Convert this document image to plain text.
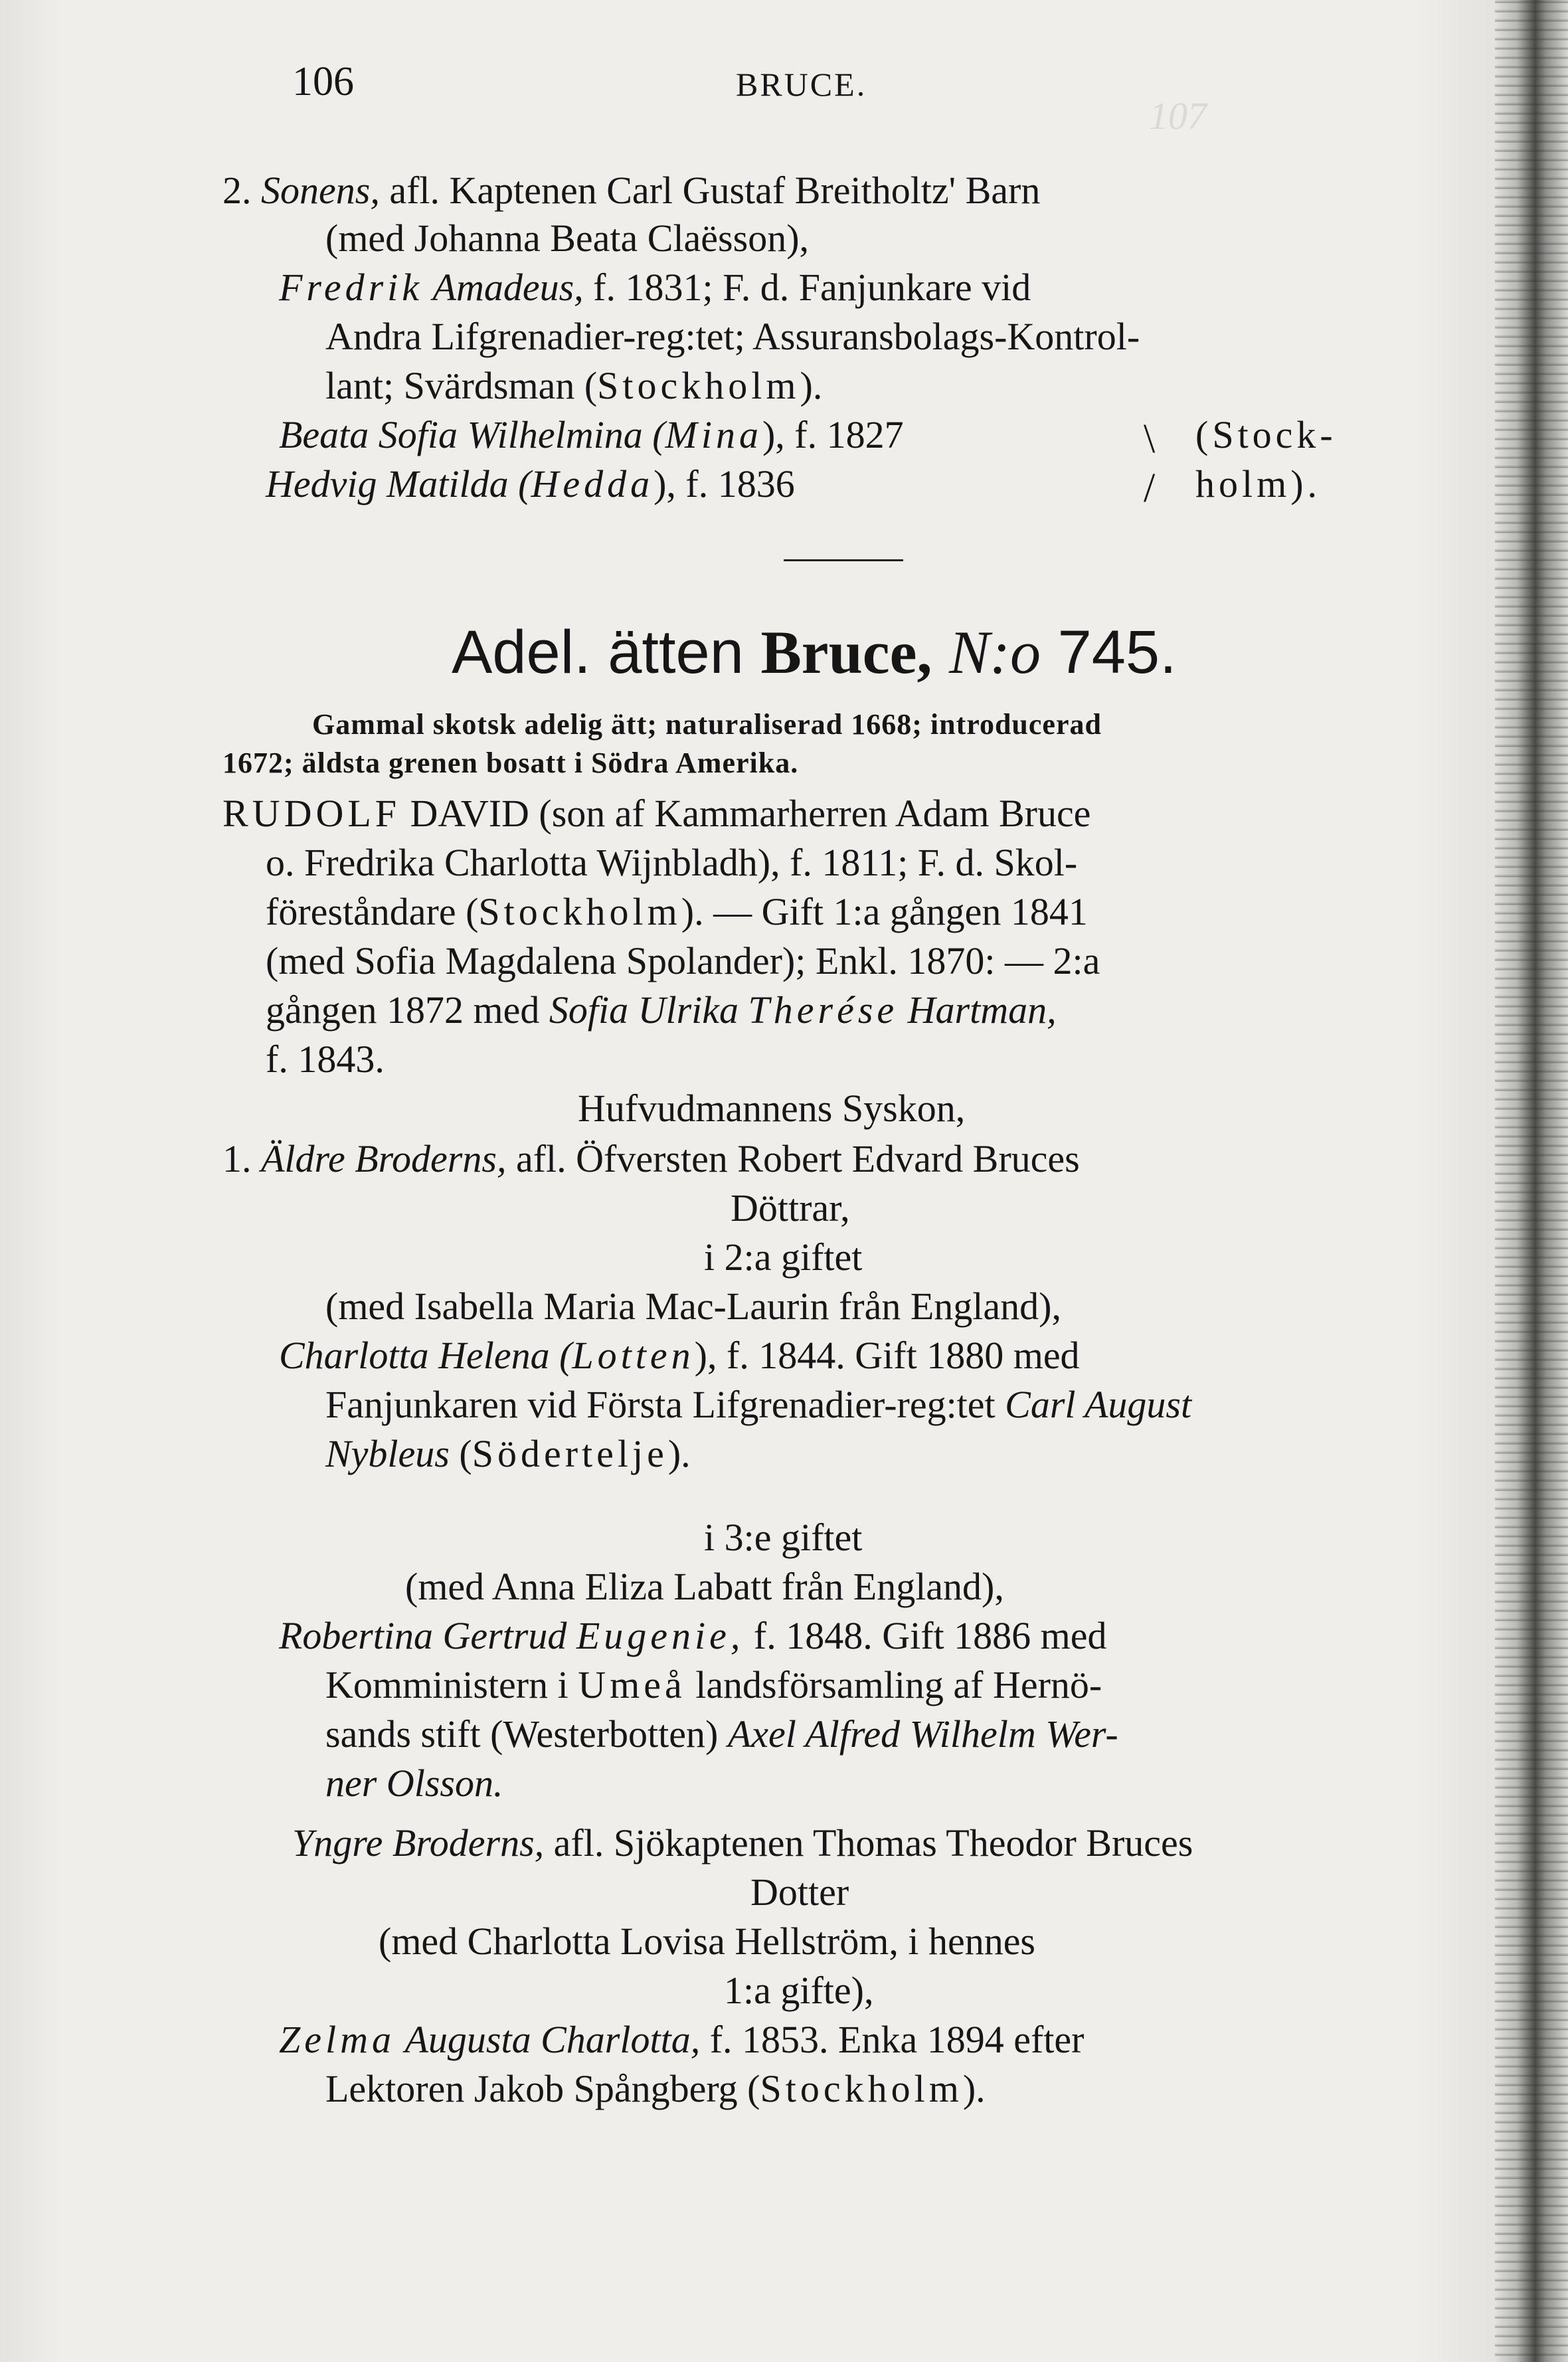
107
106	BRUCE.
2. Sonens, afl. Kaptenen Carl Gustaf Breitholtz' Barn
(med Johanna Beata Claësson),
Fredrik Amadeus, f. 1831; F. d. Fanjunkare vid
Andra Lifgrenadier-reg:tet; Assuransbolags-Kontrol-
lant; Svärdsman (Stockholm).
Beata Sofia Wilhelmina (Mina), f. 1827
Hedvig Matilda (Hedda), f. 1836
\
/
(Stock-
holm).
Adel. ätten Bruce, N:o 745.
Gammal skotsk adelig ätt; naturaliserad 1668; introducerad
1672; äldsta grenen bosatt i Södra Amerika.
RUDOLF DAVID (son af Kammarherren Adam Bruce
o. Fredrika Charlotta Wijnbladh), f. 1811; F. d. Skol-
föreståndare (Stockholm). — Gift 1:a gången 1841
(med Sofia Magdalena Spolander); Enkl. 1870: — 2:a
gången 1872 med Sofia Ulrika Therése Hartman,
f. 1843.
Hufvudmannens Syskon,
1. Äldre Broderns, afl. Öfversten Robert Edvard Bruces
Döttrar,
i 2:a giftet
(med Isabella Maria Mac-Laurin från England),
Charlotta Helena (Lotten), f. 1844. Gift 1880 med
Fanjunkaren vid Första Lifgrenadier-reg:tet Carl August
Nybleus (Södertelje).
i 3:e giftet
(med Anna Eliza Labatt från England),
Robertina Gertrud Eugenie, f. 1848. Gift 1886 med
Komministern i Umeå landsförsamling af Hernö-
sands stift (Westerbotten) Axel Alfred Wilhelm Wer-
ner Olsson.
Yngre Broderns, afl. Sjökaptenen Thomas Theodor Bruces
Dotter
(med Charlotta Lovisa Hellström, i hennes
1:a gifte),
Zelma Augusta Charlotta, f. 1853. Enka 1894 efter
Lektoren Jakob Spångberg (Stockholm).
